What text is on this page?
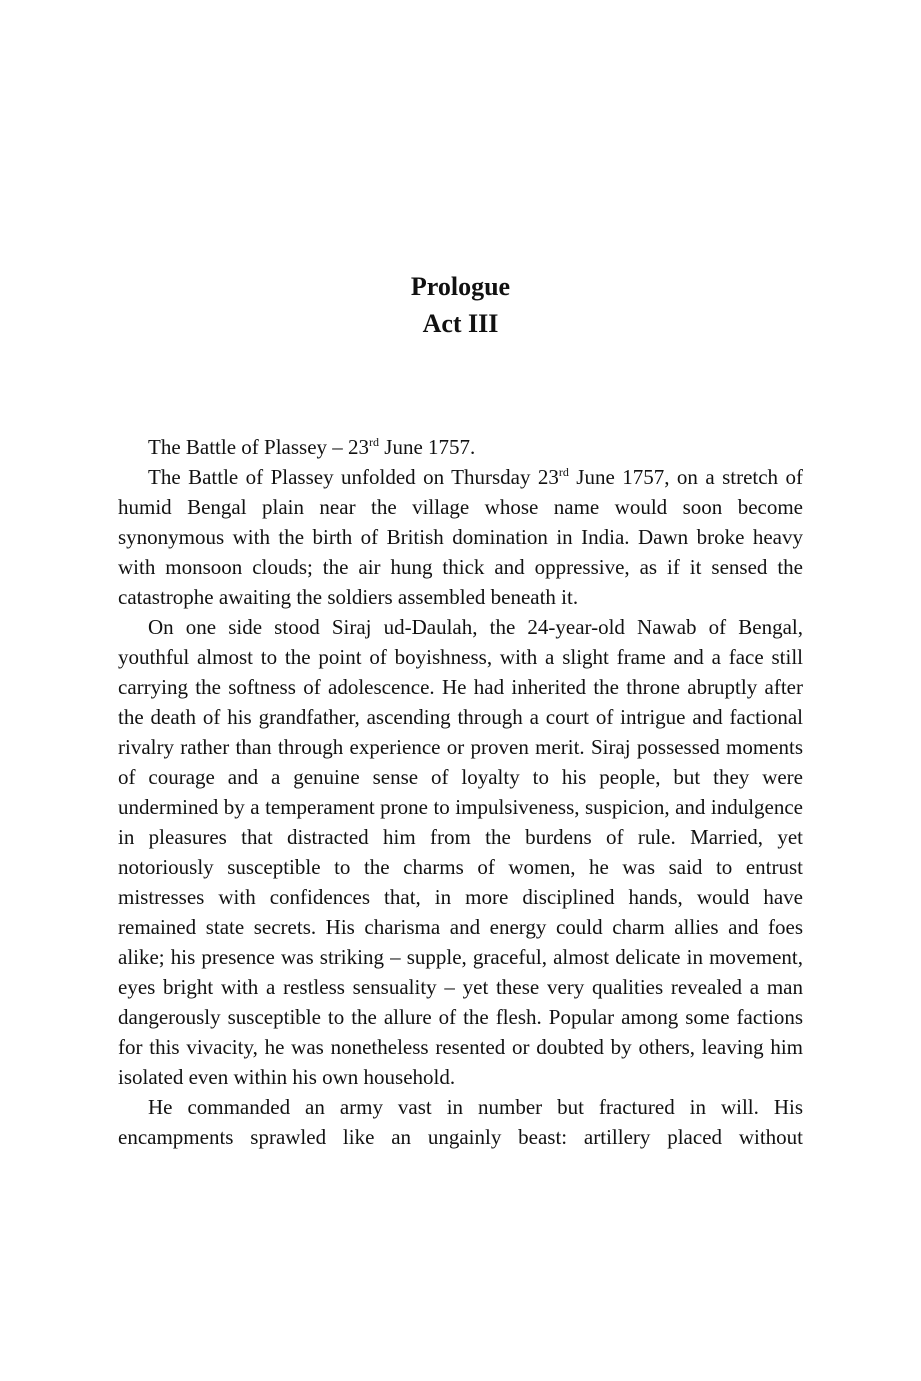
Prologue
Act III

The Battle of Plassey – 23rd June 1757.

The Battle of Plassey unfolded on Thursday 23rd June 1757, on a stretch of humid Bengal plain near the village whose name would soon become synonymous with the birth of British domination in India. Dawn broke heavy with monsoon clouds; the air hung thick and oppressive, as if it sensed the catastrophe awaiting the soldiers assembled beneath it.

On one side stood Siraj ud-Daulah, the 24-year-old Nawab of Bengal, youthful almost to the point of boyishness, with a slight frame and a face still carrying the softness of adolescence. He had inherited the throne abruptly after the death of his grandfather, ascending through a court of intrigue and factional rivalry rather than through experience or proven merit. Siraj possessed moments of courage and a genuine sense of loyalty to his people, but they were undermined by a temperament prone to impulsiveness, suspicion, and indulgence in pleasures that distracted him from the burdens of rule. Married, yet notoriously susceptible to the charms of women, he was said to entrust mistresses with confidences that, in more disciplined hands, would have remained state secrets. His charisma and energy could charm allies and foes alike; his presence was striking – supple, graceful, almost delicate in movement, eyes bright with a restless sensuality – yet these very qualities revealed a man dangerously susceptible to the allure of the flesh. Popular among some factions for this vivacity, he was nonetheless resented or doubted by others, leaving him isolated even within his own household.

He commanded an army vast in number but fractured in will. His encampments sprawled like an ungainly beast: artillery placed without
